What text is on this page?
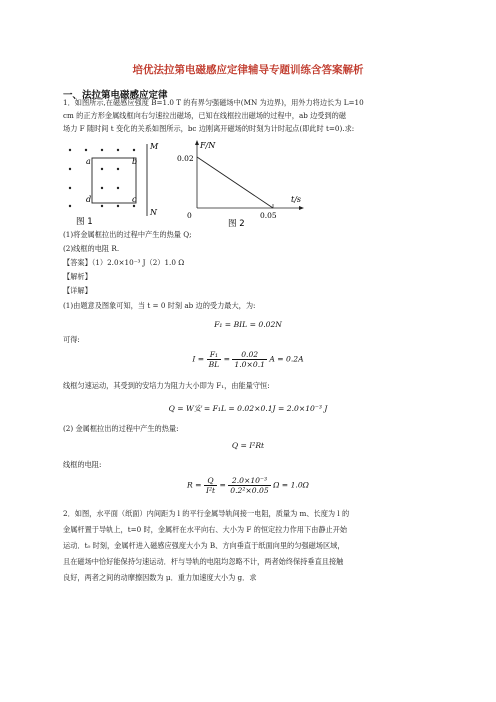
培优法拉第电磁感应定律辅导专题训练含答案解析
一、法拉第电磁感应定律
1．如图所示,在磁感应强度 B=1.0 T 的有界匀强磁场中(MN 为边界)，用外力将边长为 L=10
cm 的正方形金属线框向右匀速拉出磁场，已知在线框拉出磁场的过程中，ab 边受到的磁
场力 F 随时间 t 变化的关系如图所示，bc 边刚离开磁场的时刻为计时起点(即此时 t=0).求:
M
N
a	b
c
d
图 1
F/N
t/s
0.02
0	0.05
图 2
(1)将金属框拉出的过程中产生的热量 Q;
(2)线框的电阻 R.
【答案】（1）2.0×10⁻³ J（2）1.0 Ω
【解析】
【详解】
(1)由题意及图象可知，当 t = 0 时刻 ab 边的受力最大，为:
F₁ = BIL = 0.02N
可得:
$I = \frac{\text{F₁}}{BL} = \frac{0.02}{1.0\times 0.1}$ A = 0.2A
线框匀速运动，其受到的安培力为阻力大小即为 F₁，由能量守恒:
Q = W安 = F₁L = 0.02×0.1J = 2.0×10⁻³ J
(2) 金属框拉出的过程中产生的热量:
Q = I²Rt
线框的电阻:
$R = \frac{Q}{\text{I²t}} = \frac{\text{2.0×10⁻³}}{\text{0.2²×0.05}}$ Ω = 1.0Ω
2．如图，水平面（纸面）内间距为 l 的平行金属导轨间接一电阻，质量为 m、长度为 l 的
金属杆置于导轨上，t=0 时，金属杆在水平向右、大小为 F 的恒定拉力作用下由静止开始
运动．t₀ 时刻，金属杆进入磁感应强度大小为 B、方向垂直于纸面向里的匀强磁场区域，
且在磁场中恰好能保持匀速运动．杆与导轨的电阻均忽略不计，两者始终保持垂直且接触
良好，两者之间的动摩擦因数为 μ．重力加速度大小为 g．求
